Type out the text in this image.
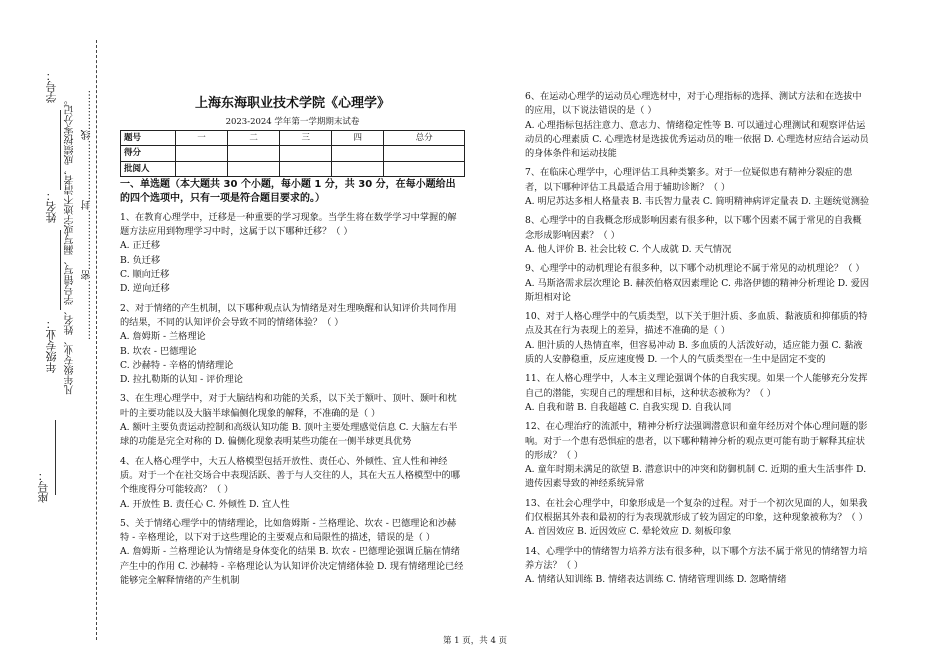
座号：
年级专业：
姓名：
学号：
凡年级专业、姓名、学号错写、漏写或字迹不清者，成绩按零分记。 ………………密………………封………………线…………	上海东海职业技术学院《心理学》
2023-2024 学年第一学期期末试卷
题号	一	二	三	四	总分
得分					
批阅人					
一、单选题（本大题共 30 个小题，每小题 1 分，共 30 分，在每小题给出的四个选项中，只有一项是符合题目要求的。）
1、在教育心理学中，迁移是一种重要的学习现象。当学生将在数学学习中掌握的解题方法应用到物理学习中时，这属于以下哪种迁移？（ ）
A. 正迁移
B. 负迁移
C. 顺向迁移
D. 逆向迁移
2、对于情绪的产生机制，以下哪种观点认为情绪是对生理唤醒和认知评价共同作用的结果，不同的认知评价会导致不同的情绪体验？（ ）
A. 詹姆斯 - 兰格理论
B. 坎农 - 巴德理论
C. 沙赫特 - 辛格的情绪理论
D. 拉扎勒斯的认知 - 评价理论
3、在生理心理学中，对于大脑结构和功能的关系，以下关于额叶、顶叶、颞叶和枕叶的主要功能以及大脑半球偏侧化现象的解释，不准确的是（ ）
A. 额叶主要负责运动控制和高级认知功能 B. 顶叶主要处理感觉信息 C. 大脑左右半球的功能是完全对称的 D. 偏侧化现象表明某些功能在一侧半球更具优势
4、在人格心理学中，大五人格模型包括开放性、责任心、外倾性、宜人性和神经质。对于一个在社交场合中表现活跃、善于与人交往的人，其在大五人格模型中的哪个维度得分可能较高？（ ）
A. 开放性 B. 责任心 C. 外倾性 D. 宜人性
5、关于情绪心理学中的情绪理论，比如詹姆斯 - 兰格理论、坎农 - 巴德理论和沙赫特 - 辛格理论，以下对于这些理论的主要观点和局限性的描述，错误的是（ ）
A. 詹姆斯 - 兰格理论认为情绪是身体变化的结果 B. 坎农 - 巴德理论强调丘脑在情绪产生中的作用 C. 沙赫特 - 辛格理论认为认知评价决定情绪体验 D. 现有情绪理论已经能够完全解释情绪的产生机制
6、在运动心理学的运动员心理选材中，对于心理指标的选择、测试方法和在选拔中的应用，以下说法错误的是（ ）
A. 心理指标包括注意力、意志力、情绪稳定性等 B. 可以通过心理测试和观察评估运动员的心理素质 C. 心理选材是选拔优秀运动员的唯一依据 D. 心理选材应结合运动员的身体条件和运动技能
7、在临床心理学中，心理评估工具种类繁多。对于一位疑似患有精神分裂症的患者，以下哪种评估工具最适合用于辅助诊断？（ ）
A. 明尼苏达多相人格量表 B. 韦氏智力量表 C. 简明精神病评定量表 D. 主题统觉测验
8、心理学中的自我概念形成影响因素有很多种，以下哪个因素不属于常见的自我概念形成影响因素？（ ）
A. 他人评价 B. 社会比较 C. 个人成就 D. 天气情况
9、心理学中的动机理论有很多种，以下哪个动机理论不属于常见的动机理论？（ ）
A. 马斯洛需求层次理论 B. 赫茨伯格双因素理论 C. 弗洛伊德的精神分析理论 D. 爱因斯坦相对论
10、对于人格心理学中的气质类型，以下关于胆汁质、多血质、黏液质和抑郁质的特点及其在行为表现上的差异，描述不准确的是（ ）
A. 胆汁质的人热情直率，但容易冲动 B. 多血质的人活泼好动，适应能力强 C. 黏液质的人安静稳重，反应速度慢 D. 一个人的气质类型在一生中是固定不变的
11、在人格心理学中，人本主义理论强调个体的自我实现。如果一个人能够充分发挥自己的潜能，实现自己的理想和目标，这种状态被称为？（ ）
A. 自我和谐 B. 自我超越 C. 自我实现 D. 自我认同
12、在心理治疗的流派中，精神分析疗法强调潜意识和童年经历对个体心理问题的影响。对于一个患有恐惧症的患者，以下哪种精神分析的观点更可能有助于解释其症状的形成？（ ）
A. 童年时期未满足的欲望 B. 潜意识中的冲突和防御机制 C. 近期的重大生活事件 D. 遗传因素导致的神经系统异常
13、在社会心理学中，印象形成是一个复杂的过程。对于一个初次见面的人，如果我们仅根据其外表和最初的行为表现就形成了较为固定的印象，这种现象被称为？（ ）
A. 首因效应 B. 近因效应 C. 晕轮效应 D. 刻板印象
14、心理学中的情绪智力培养方法有很多种，以下哪个方法不属于常见的情绪智力培养方法？（ ）
A. 情绪认知训练 B. 情绪表达训练 C. 情绪管理训练 D. 忽略情绪
第 1 页，共 4 页
